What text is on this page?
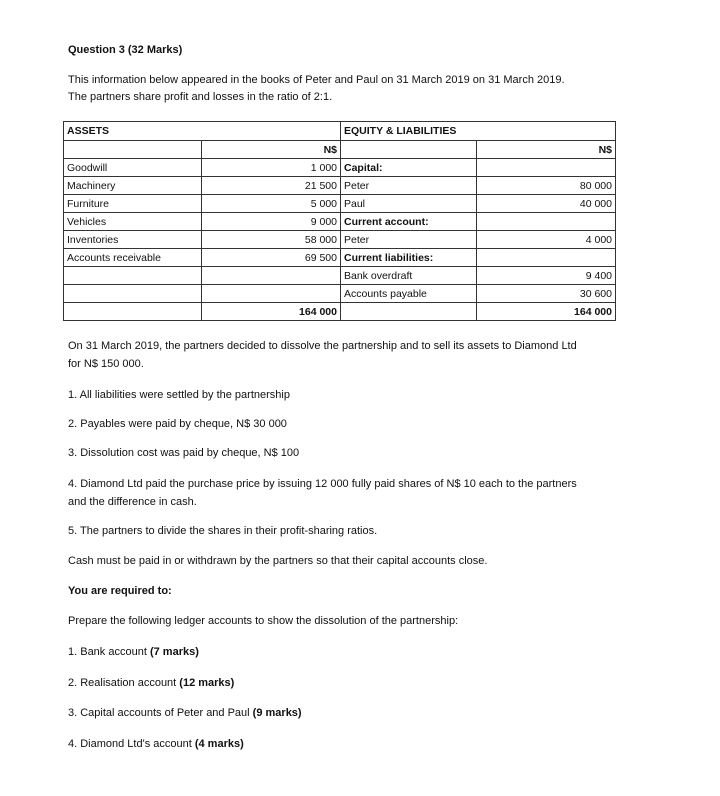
Question 3 (32 Marks)
This information below appeared in the books of Peter and Paul on 31 March 2019 on 31 March 2019.
The partners share profit and losses in the ratio of 2:1.
ASSETS		EQUITY & LIABILITIES	
	N$		N$
Goodwill	1 000	Capital:	
Machinery	21 500	Peter	80 000
Furniture	5 000	Paul	40 000
Vehicles	9 000	Current account:	
Inventories	58 000	Peter	4 000
Accounts receivable	69 500	Current liabilities:	
		Bank overdraft	9 400
		Accounts payable	30 600
	164 000		164 000
On 31 March 2019, the partners decided to dissolve the partnership and to sell its assets to Diamond Ltd
for N$ 150 000.
1. All liabilities were settled by the partnership
2. Payables were paid by cheque, N$ 30 000
3. Dissolution cost was paid by cheque, N$ 100
4. Diamond Ltd paid the purchase price by issuing 12 000 fully paid shares of N$ 10 each to the partners
and the difference in cash.
5. The partners to divide the shares in their profit-sharing ratios.
Cash must be paid in or withdrawn by the partners so that their capital accounts close.
You are required to:
Prepare the following ledger accounts to show the dissolution of the partnership:
1. Bank account (7 marks)
2. Realisation account (12 marks)
3. Capital accounts of Peter and Paul (9 marks)
4. Diamond Ltd's account (4 marks)
